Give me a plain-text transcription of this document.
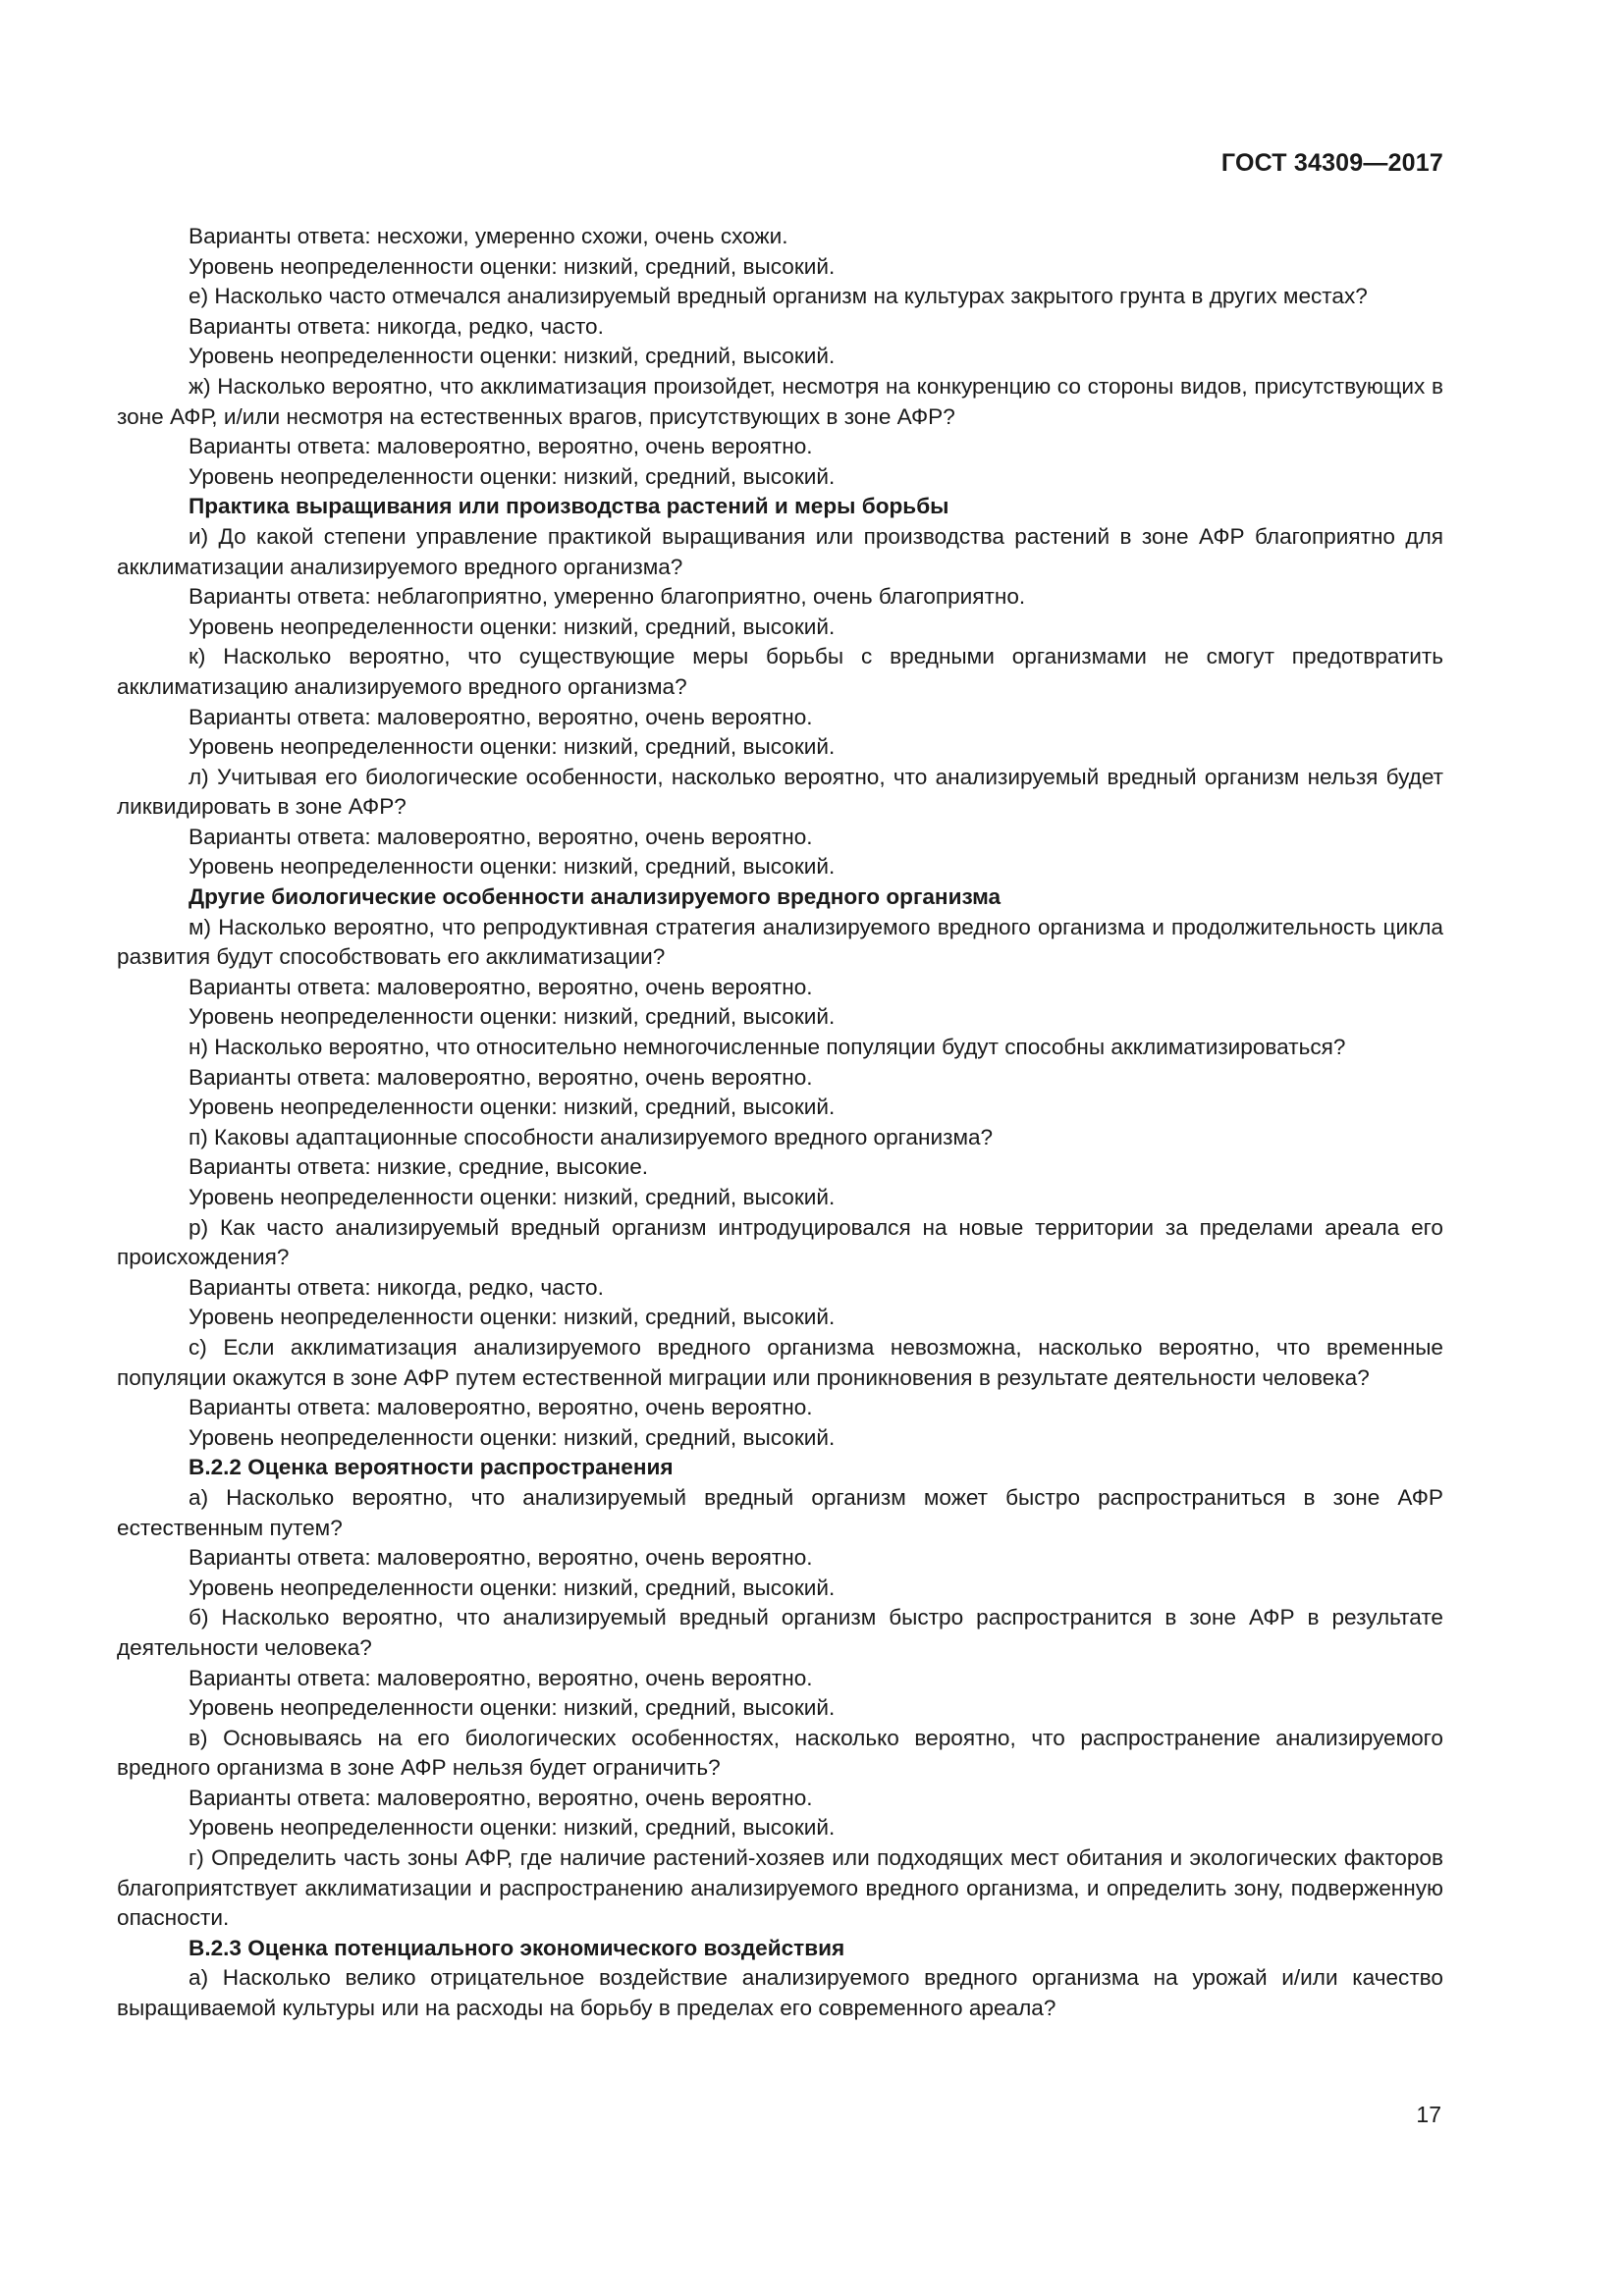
ГОСТ 34309—2017

Варианты ответа: несхожи, умеренно схожи, очень схожи.

Уровень неопределенности оценки: низкий, средний, высокий.

е) Насколько часто отмечался анализируемый вредный организм на культурах закрытого грунта в других местах?

Варианты ответа: никогда, редко, часто.

Уровень неопределенности оценки: низкий, средний, высокий.

ж) Насколько вероятно, что акклиматизация произойдет, несмотря на конкуренцию со стороны видов, присутствующих в зоне АФР, и/или несмотря на естественных врагов, присутствующих в зоне АФР?

Варианты ответа: маловероятно, вероятно, очень вероятно.

Уровень неопределенности оценки: низкий, средний, высокий.

Практика выращивания или производства растений и меры борьбы

и) До какой степени управление практикой выращивания или производства растений в зоне АФР благоприятно для акклиматизации анализируемого вредного организма?

Варианты ответа: неблагоприятно, умеренно благоприятно, очень благоприятно.

Уровень неопределенности оценки: низкий, средний, высокий.

к) Насколько вероятно, что существующие меры борьбы с вредными организмами не смогут предотвратить акклиматизацию анализируемого вредного организма?

Варианты ответа: маловероятно, вероятно, очень вероятно.

Уровень неопределенности оценки: низкий, средний, высокий.

л) Учитывая его биологические особенности, насколько вероятно, что анализируемый вредный организм нельзя будет ликвидировать в зоне АФР?

Варианты ответа: маловероятно, вероятно, очень вероятно.

Уровень неопределенности оценки: низкий, средний, высокий.

Другие биологические особенности анализируемого вредного организма

м) Насколько вероятно, что репродуктивная стратегия анализируемого вредного организма и продолжительность цикла развития будут способствовать его акклиматизации?

Варианты ответа: маловероятно, вероятно, очень вероятно.

Уровень неопределенности оценки: низкий, средний, высокий.

н) Насколько вероятно, что относительно немногочисленные популяции будут способны акклиматизироваться?

Варианты ответа: маловероятно, вероятно, очень вероятно.

Уровень неопределенности оценки: низкий, средний, высокий.

п) Каковы адаптационные способности анализируемого вредного организма?

Варианты ответа: низкие, средние, высокие.

Уровень неопределенности оценки: низкий, средний, высокий.

р) Как часто анализируемый вредный организм интродуцировался на новые территории за пределами ареала его происхождения?

Варианты ответа: никогда, редко, часто.

Уровень неопределенности оценки: низкий, средний, высокий.

с) Если акклиматизация анализируемого вредного организма невозможна, насколько вероятно, что временные популяции окажутся в зоне АФР путем естественной миграции или проникновения в результате деятельности человека?

Варианты ответа: маловероятно, вероятно, очень вероятно.

Уровень неопределенности оценки: низкий, средний, высокий.

В.2.2 Оценка вероятности распространения

а) Насколько вероятно, что анализируемый вредный организм может быстро распространиться в зоне АФР естественным путем?

Варианты ответа: маловероятно, вероятно, очень вероятно.

Уровень неопределенности оценки: низкий, средний, высокий.

б) Насколько вероятно, что анализируемый вредный организм быстро распространится в зоне АФР в результате деятельности человека?

Варианты ответа: маловероятно, вероятно, очень вероятно.

Уровень неопределенности оценки: низкий, средний, высокий.

в) Основываясь на его биологических особенностях, насколько вероятно, что распространение анализируемого вредного организма в зоне АФР нельзя будет ограничить?

Варианты ответа: маловероятно, вероятно, очень вероятно.

Уровень неопределенности оценки: низкий, средний, высокий.

г) Определить часть зоны АФР, где наличие растений-хозяев или подходящих мест обитания и экологических факторов благоприятствует акклиматизации и распространению анализируемого вредного организма, и определить зону, подверженную опасности.

В.2.3 Оценка потенциального экономического воздействия

а) Насколько велико отрицательное воздействие анализируемого вредного организма на урожай и/или качество выращиваемой культуры или на расходы на борьбу в пределах его современного ареала?

17
